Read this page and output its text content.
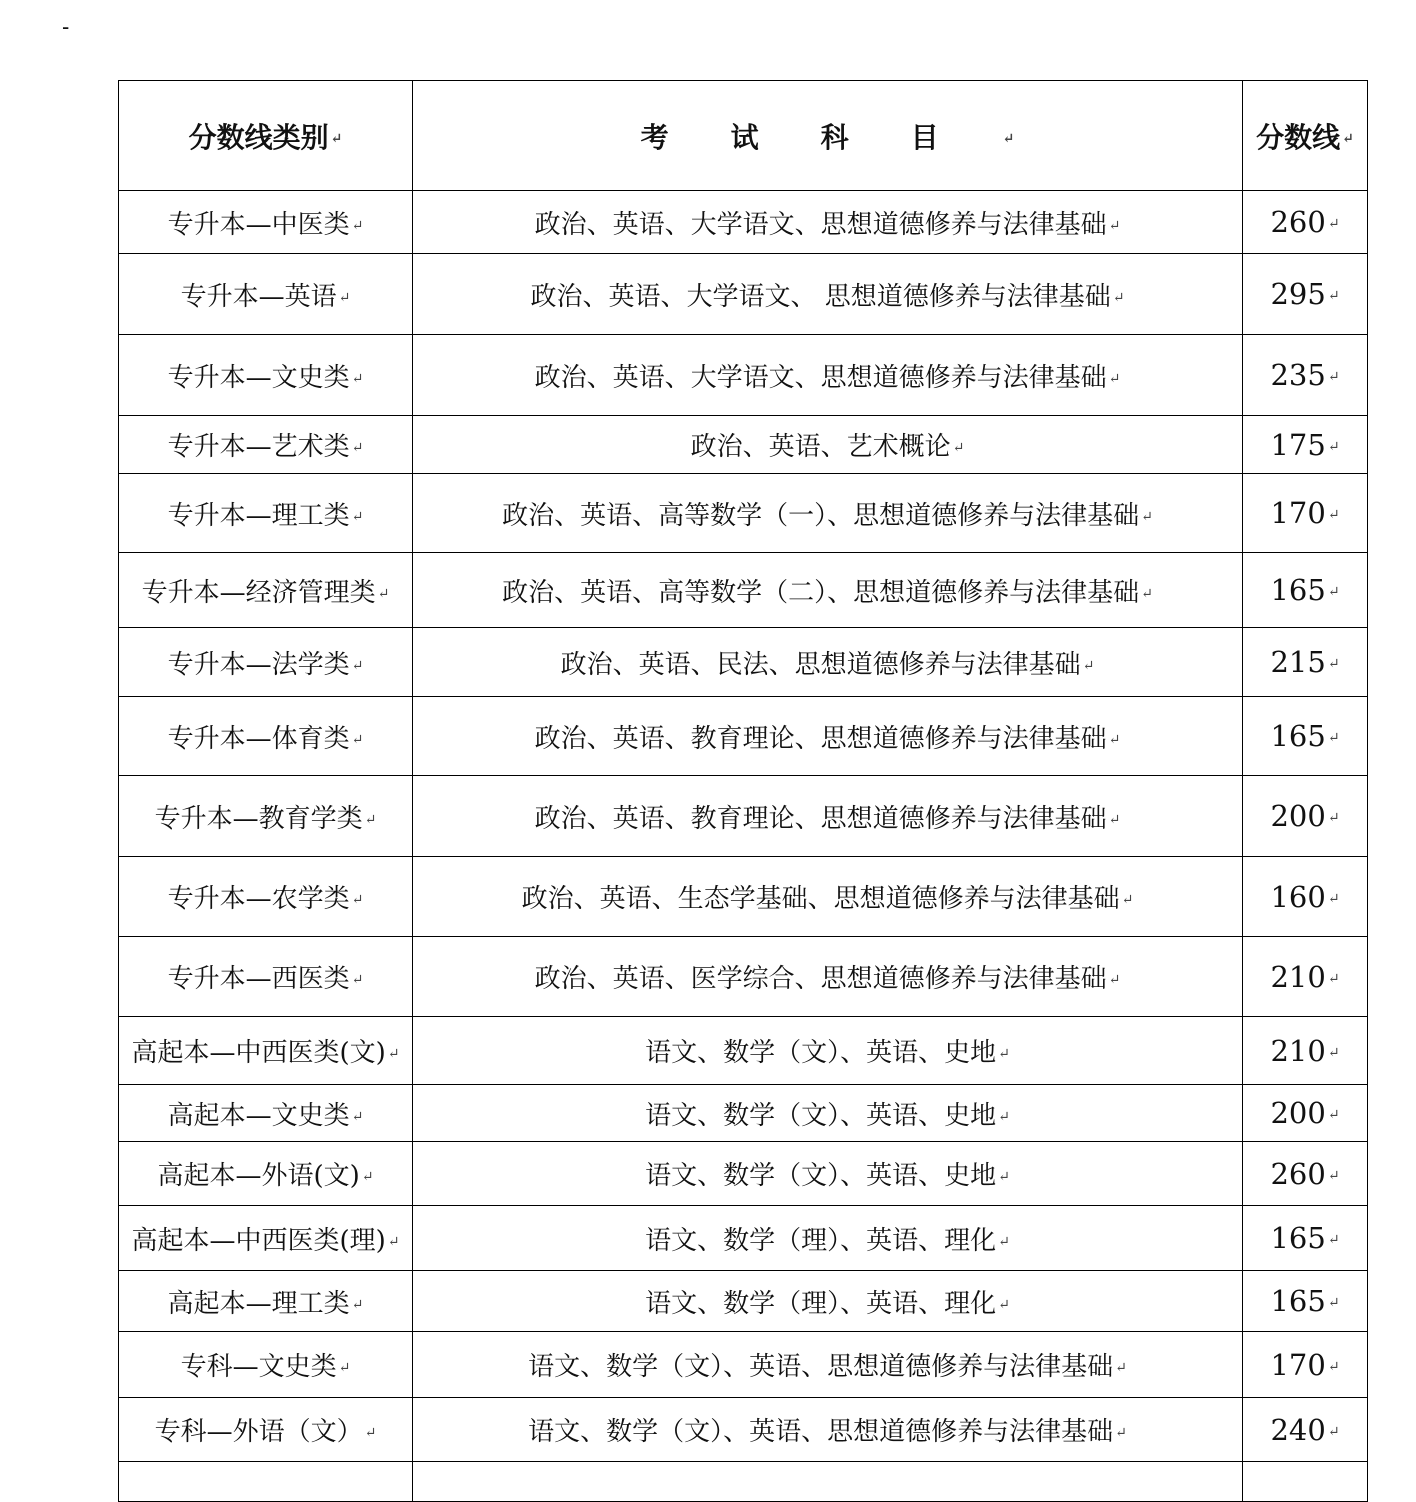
-
分数线类别 ↵	考试科目 ↵	分数线 ↵
专升本—中医类 ↵	政治、英语、大学语文、思想道德修养与法律基础 ↵	260 ↵
专升本—英语 ↵	政治、英语、大学语文、 思想道德修养与法律基础 ↵	295 ↵
专升本—文史类 ↵	政治、英语、大学语文、思想道德修养与法律基础 ↵	235 ↵
专升本—艺术类 ↵	政治、英语、艺术概论 ↵	175 ↵
专升本—理工类 ↵	政治、英语、高等数学（一）、思想道德修养与法律基础 ↵	170 ↵
专升本—经济管理类 ↵	政治、英语、高等数学（二）、思想道德修养与法律基础 ↵	165 ↵
专升本—法学类 ↵	政治、英语、民法、思想道德修养与法律基础 ↵	215 ↵
专升本—体育类 ↵	政治、英语、教育理论、思想道德修养与法律基础 ↵	165 ↵
专升本—教育学类 ↵	政治、英语、教育理论、思想道德修养与法律基础 ↵	200 ↵
专升本—农学类 ↵	政治、英语、生态学基础、思想道德修养与法律基础 ↵	160 ↵
专升本—西医类 ↵	政治、英语、医学综合、思想道德修养与法律基础 ↵	210 ↵
高起本—中西医类(文) ↵	语文、数学（文）、英语、史地 ↵	210 ↵
高起本—文史类 ↵	语文、数学（文）、英语、史地 ↵	200 ↵
高起本—外语(文) ↵	语文、数学（文）、英语、史地 ↵	260 ↵
高起本—中西医类(理) ↵	语文、数学（理）、英语、理化 ↵	165 ↵
高起本—理工类 ↵	语文、数学（理）、英语、理化 ↵	165 ↵
专科—文史类 ↵	语文、数学（文）、英语、思想道德修养与法律基础 ↵	170 ↵
专科—外语（文） ↵	语文、数学（文）、英语、思想道德修养与法律基础 ↵	240 ↵
